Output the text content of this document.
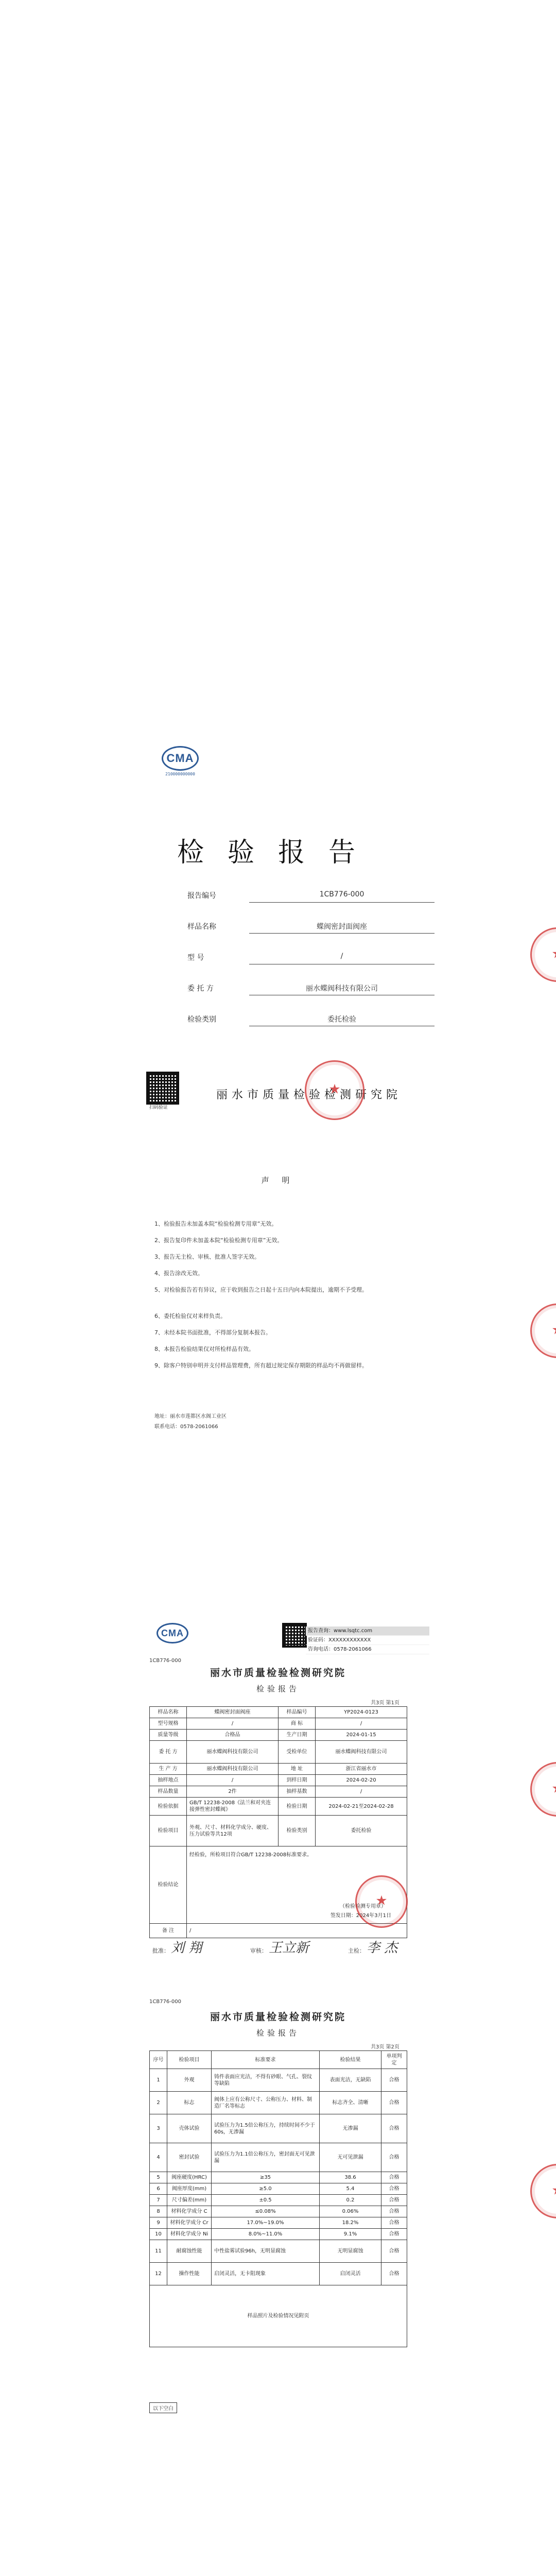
CMA
210000000000
检验报告
报告编号	1CB776-000
样品名称	蝶阀密封面阀座
型 号	/
委 托 方	丽水蝶阀科技有限公司
检验类别	委托检验
扫码验证
丽水市质量检验检测研究院
★
★
声 明
1、检验报告未加盖本院“检验检测专用章”无效。
2、报告复印件未加盖本院“检验检测专用章”无效。
3、报告无主检、审核、批准人签字无效。
4、报告涂改无效。
5、对检验报告若有异议，应于收到报告之日起十五日内向本院提出，逾期不予受理。
6、委托检验仅对来样负责。
7、未经本院书面批准，不得部分复制本报告。
8、本报告检验结果仅对所检样品有效。
9、除客户特别申明并支付样品管理费，所有超过规定保存期限的样品均不再做留样。
地址：丽水市莲都区水阁工业区
联系电话：0578-2061066
★
CMA	报告查询：www.lsqtc.com
验证码：XXXXXXXXXXXX
咨询电话：0578-2061066
1CB776-000
丽水市质量检验检测研究院
检验报告
共3页 第1页
样品名称	蝶阀密封面阀座	样品编号	YP2024-0123
型号规格	/	商 标	/
质量等级	合格品	生产日期	2024-01-15
委 托 方	丽水蝶阀科技有限公司	受检单位	丽水蝶阀科技有限公司
生 产 方	丽水蝶阀科技有限公司	地 址	浙江省丽水市
抽样地点	/	到样日期	2024-02-20
样品数量	2件	抽样基数	/
检验依据	GB/T 12238-2008《法兰和对夹连接弹性密封蝶阀》	检验日期	2024-02-21至2024-02-28
检验项目	外观、尺寸、材料化学成分、硬度、压力试验等共12项	检验类别	委托检验
检验结论	经检验，所检项目符合GB/T 12238-2008标准要求。
（检验检测专用章）
签发日期：2024年3月1日		

备 注	/		
★
★
批准： 刘 翔	审核： 王立新	主检： 李 杰
1CB776-000
丽水市质量检验检测研究院
检验报告
共3页 第2页
序号	检验项目	标准要求	检验结果	单项判定
1	外观	铸件表面应光洁，不得有砂眼、气孔、裂纹等缺陷	表面光洁，无缺陷	合格
2	标志	阀体上应有公称尺寸、公称压力、材料、制造厂名等标志	标志齐全、清晰	合格
3	壳体试验	试验压力为1.5倍公称压力，持续时间不少于60s，无渗漏	无渗漏	合格
4	密封试验	试验压力为1.1倍公称压力，密封面无可见泄漏	无可见泄漏	合格
5	阀座硬度(HRC)	≥35	38.6	合格
6	阀座厚度(mm)	≥5.0	5.4	合格
7	尺寸偏差(mm)	±0.5	0.2	合格
8	材料化学成分 C	≤0.08%	0.06%	合格
9	材料化学成分 Cr	17.0%~19.0%	18.2%	合格
10	材料化学成分 Ni	8.0%~11.0%	9.1%	合格
11	耐腐蚀性能	中性盐雾试验96h，无明显腐蚀	无明显腐蚀	合格
12	操作性能	启闭灵活，无卡阻现象	启闭灵活	合格
样品照片及检验情况见附页				
以下空白
★
